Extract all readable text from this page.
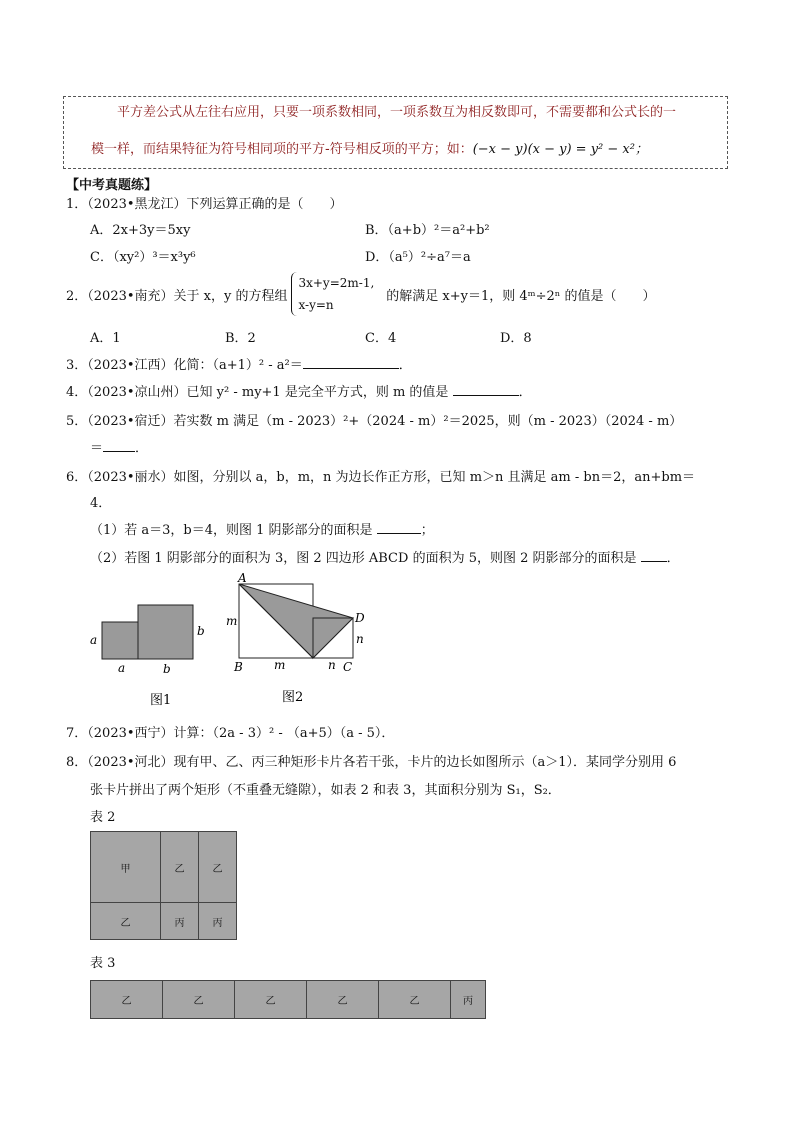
平方差公式从左往右应用，只要一项系数相同，一项系数互为相反数即可，不需要都和公式长的一
模一样，而结果特征为符号相同项的平方-符号相反项的平方；如：(−x − y)(x − y) = y² − x²；
【中考真题练】
1．（2023•黑龙江）下列运算正确的是（　　）
A．2x+3y＝5xy	B．（a+b）²＝a²+b²
C．（xy²）³＝x³y⁶	D．（a⁵）²÷a⁷＝a
2．（2023•南充）关于 x，y 的方程组
3x+y=2m-1,
x-y=n
的解满足 x+y＝1，则 4ᵐ÷2ⁿ 的值是（　　）
A．1	B．2	C．4	D．8
3．（2023•江西）化简：（a+1）² - a²＝	．
4．（2023•凉山州）已知 y² - my+1 是完全平方式，则 m 的值是	．
5．（2023•宿迁）若实数 m 满足（m - 2023）²+（2024 - m）²＝2025，则（m - 2023）（2024 - m）
＝ ．
6．（2023•丽水）如图，分别以 a，b，m，n 为边长作正方形，已知 m＞n 且满足 am - bn＝2，an+bm＝
4．
（1）若 a＝3，b＝4，则图 1 阴影部分的面积是	；
（2）若图 1 阴影部分的面积为 3，图 2 四边形 ABCD 的面积为 5，则图 2 阴影部分的面积是 ．
a
a
b
b
图1
A
B	C
D
m
m
n
n
图2
7．（2023•西宁）计算：（2a - 3）² - （a+5）（a - 5）．
8．（2023•河北）现有甲、乙、丙三种矩形卡片各若干张，卡片的边长如图所示（a＞1）．某同学分别用 6
张卡片拼出了两个矩形（不重叠无缝隙），如表 2 和表 3，其面积分别为 S₁，S₂．
表 2
甲	乙	乙
乙	丙	丙
表 3
乙	乙	乙	乙	乙	丙
